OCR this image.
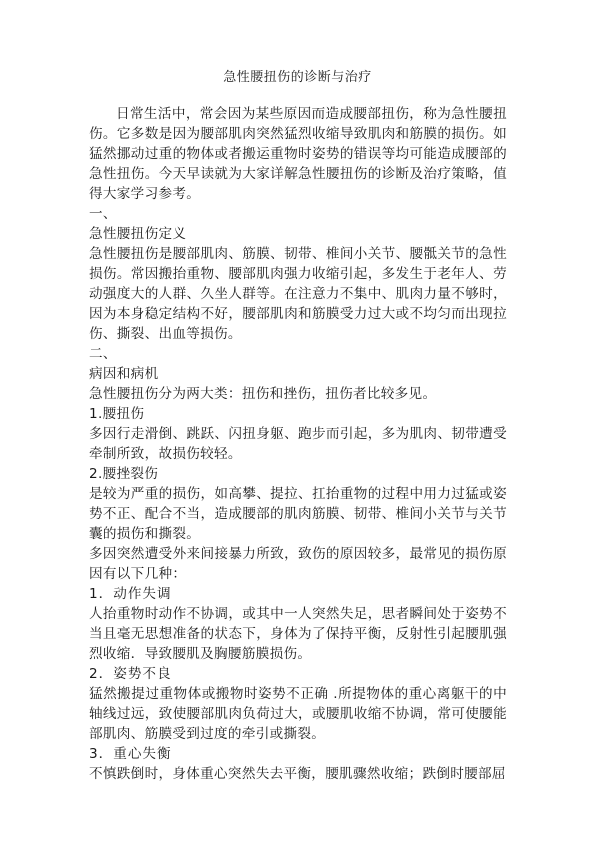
急性腰扭伤的诊断与治疗

日常生活中，常会因为某些原因而造成腰部扭伤，称为急性腰扭伤。它多数是因为腰部肌肉突然猛烈收缩导致肌肉和筋膜的损伤。如猛然挪动过重的物体或者搬运重物时姿势的错误等均可能造成腰部的急性扭伤。今天早读就为大家详解急性腰扭伤的诊断及治疗策略，值得大家学习参考。

一、

急性腰扭伤定义

急性腰扭伤是腰部肌肉、筋膜、韧带、椎间小关节、腰骶关节的急性损伤。常因搬抬重物、腰部肌肉强力收缩引起，多发生于老年人、劳动强度大的人群、久坐人群等。在注意力不集中、肌肉力量不够时，因为本身稳定结构不好，腰部肌肉和筋膜受力过大或不均匀而出现拉伤、撕裂、出血等损伤。

二、

病因和病机

急性腰扭伤分为两大类：扭伤和挫伤，扭伤者比较多见。

1.腰扭伤

多因行走滑倒、跳跃、闪扭身躯、跑步而引起，多为肌肉、韧带遭受牵制所致，故损伤较轻。

2.腰挫裂伤

是较为严重的损伤，如高攀、提拉、扛抬重物的过程中用力过猛或姿势不正、配合不当，造成腰部的肌肉筋膜、韧带、椎间小关节与关节囊的损伤和撕裂。

多因突然遭受外来间接暴力所致，致伤的原因较多，最常见的损伤原因有以下几种：

1．动作失调

人抬重物时动作不协调，或其中一人突然失足，思者瞬间处于姿势不当且毫无思想准备的状态下，身体为了保持平衡，反射性引起腰肌强烈收缩．导致腰肌及胸腰筋膜损伤。

2．姿势不良

猛然搬提过重物体或搬物时姿势不正确 .所提物体的重心离躯干的中轴线过远，致使腰部肌肉负荷过大，或腰肌收缩不协调，常可使腰能部肌肉、筋膜受到过度的牵引或撕裂。

3．重心失衡

不慎跌倒时，身体重心突然失去平衡，腰肌骤然收缩；跌倒时腰部屈
